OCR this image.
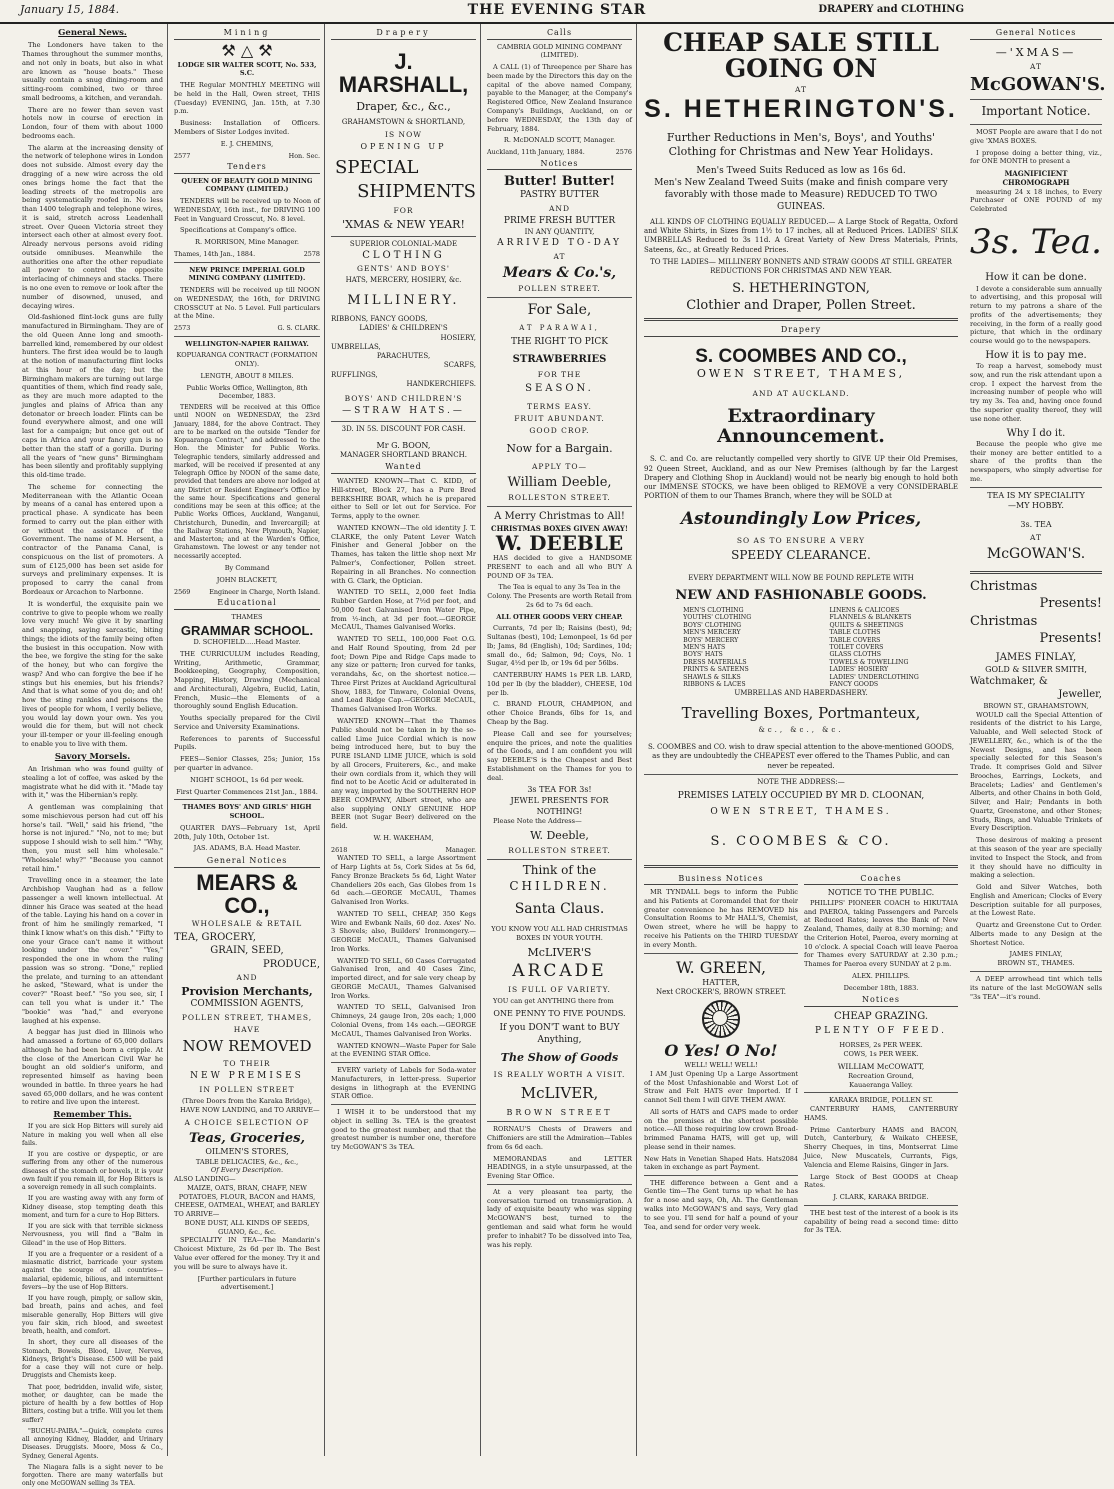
January 15, 1884.	THE EVENING STAR	DRAPERY and CLOTHING
General News.

The Londoners have taken to the Thames throughout the summer months, and not only in boats, but also in what are known as "house boats." These usually contain a snug dining-room and sitting-room combined, two or three small bedrooms, a kitchen, and verandah.

There are no fewer than seven vast hotels now in course of erection in London, four of them with about 1000 bedrooms each.

The alarm at the increasing density of the network of telephone wires in London does not subside. Almost every day the dragging of a new wire across the old ones brings home the fact that the leading streets of the metropolis are being systematically roofed in. No less than 1400 telegraph and telephone wires, it is said, stretch across Leadenhall street. Over Queen Victoria street they intersect each other at almost every foot. Already nervous persons avoid riding outside omnibuses. Meanwhile the authorities one after the other repudiate all power to control the opposite interlacing of chimneys and stacks. There is no one even to remove or look after the number of disowned, unused, and decaying wires.

Old-fashioned flint-lock guns are fully manufactured in Birmingham. They are of the old Queen Anne long and smooth-barrelled kind, remembered by our oldest hunters. The first idea would be to laugh at the notion of manufacturing flint locks at this hour of the day; but the Birmingham makers are turning out large quantities of them, which find ready sale, as they are much more adapted to the jungles and plains of Africa than any detonator or breech loader. Flints can be found everywhere almost, and one will last for a campaign; but once get out of caps in Africa and your fancy gun is no better than the staff of a gorilla. During all the years of "new guns" Birmingham has been silently and profitably supplying this old-time trade.

The scheme for connecting the Mediterranean with the Atlantic Ocean by means of a canal has entered upon a practical phase. A syndicate has been formed to carry out the plan either with or without the assistance of the Government. The name of M. Hersent, a contractor of the Panama Canal, is conspicuous on the list of promoters. A sum of £125,000 has been set aside for surveys and preliminary expenses. It is proposed to carry the canal from Bordeaux or Arcachon to Narbonne.

It is wonderful, the exquisite pain we contrive to give to people whom we really love very much! We give it by snarling and snapping, saying sarcastic, biting things; the idiots of the family being often the busiest in this occupation. Now with the bee, we forgive the sting for the sake of the honey, but who can forgive the wasp? And who can forgive the bee if he stings but his enemies, but his friends? And that is what some of you do; and oh! how the sting rankles and poisons the lives of people for whom, I verily believe, you would lay down your own. Yes you would die for them, but will not check your ill-temper or your ill-feeling enough to enable you to live with them.

Savory Morsels.

An Irishman who was found guilty of stealing a lot of coffee, was asked by the magistrate what he did with it. "Made tay with it," was the Hibernian's reply.

A gentleman was complaining that some mischievous person had cut off his horse's tail. "Well," said his friend, "the horse is not injured." "No, not to me; but suppose I should wish to sell him." "Why, then, you must sell him wholesale." "Wholesale! why?" "Because you cannot retail him."

Travelling once in a steamer, the late Archbishop Vaughan had as a fellow passenger a well known intellectual. At dinner his Grace was seated at the head of the table. Laying his hand on a cover in front of him he smilingly remarked, "I think I know what's on this dish." "Fifty to one your Grace can't name it without looking under the cover." "Yes," responded the one in whom the ruling passion was so strong. "Done," replied the prelate, and turning to an attendant he asked, "Steward, what is under the cover?" "Roast beef." "So you see, sir, I can tell you what is under it." The "bookie" was "had," and everyone laughed at his expense.

A beggar has just died in Illinois who had amassed a fortune of 65,000 dollars although he had been born a cripple. At the close of the American Civil War he bought an old soldier's uniform, and represented himself as having been wounded in battle. In three years he had saved 65,000 dollars, and he was content to retire and live upon the interest.

Remember This.

If you are sick Hop Bitters will surely aid Nature in making you well when all else fails.

If you are costive or dyspeptic, or are suffering from any other of the numerous diseases of the stomach or bowels, it is your own fault if you remain ill, for Hop Bitters is a sovereign remedy in all such complaints.

If you are wasting away with any form of Kidney disease, stop tempting death this moment, and turn for a cure to Hop Bitters.

If you are sick with that terrible sickness Nervousness, you will find a "Balm in Gilead" in the use of Hop Bitters.

If you are a frequenter or a resident of a miasmatic district, barricade your system against the scourge of all countries—malarial, epidemic, bilious, and intermittent fevers—by the use of Hop Bitters.

If you have rough, pimply, or sallow skin, bad breath, pains and aches, and feel miserable generally, Hop Bitters will give you fair skin, rich blood, and sweetest breath, health, and comfort.

In short, they cure all diseases of the Stomach, Bowels, Blood, Liver, Nerves, Kidneys, Bright's Disease. £500 will be paid for a case they will not cure or help. Druggists and Chemists keep.

That poor, bedridden, invalid wife, sister, mother, or daughter, can be made the picture of health by a few bottles of Hop Bitters, costing but a trifle. Will you let them suffer?

"BUCHU-PAIBA."—Quick, complete cures all annoying Kidney, Bladder, and Urinary Diseases. Druggists. Moore, Moss & Co., Sydney, General Agents.

The Niagara falls is a sight never to be forgotten. There are many waterfalls but only one McGOWAN selling 3s TEA.

Mining
⚒ △ ⚒

LODGE SIR WALTER SCOTT, No. 533, S.C.

THE Regular MONTHLY MEETING will be held in the Hall, Owen street, THIS (Tuesday) EVENING, Jan. 15th, at 7.30 p.m.

Business: Installation of Officers. Members of Sister Lodges invited.

E. J. CHEMINS,

2577	Hon. Sec.
Tenders

QUEEN OF BEAUTY GOLD MINING COMPANY (LIMITED.)

TENDERS will be received up to Noon of WEDNESDAY, 16th inst., for DRIVING 100 Feet in Vanguard Crosscut, No. 8 level.

Specifications at Company's office.

R. MORRISON, Mine Manager.

Thames, 14th Jan., 1884.	2578

NEW PRINCE IMPERIAL GOLD MINING COMPANY (LIMITED).

TENDERS will be received up till NOON on WEDNESDAY, the 16th, for DRIVING CROSSCUT at No. 5 Level. Full particulars at the Mine.

2573	G. S. CLARK.

WELLINGTON-NAPIER RAILWAY.

KOPUARANGA CONTRACT (FORMATION ONLY).

LENGTH, ABOUT 8 MILES.

Public Works Office, Wellington, 8th December, 1883.

TENDERS will be received at this Office until NOON on WEDNESDAY, the 23rd January, 1884, for the above Contract. They are to be marked on the outside "Tender for Kopuaranga Contract," and addressed to the Hon. the Minister for Public Works. Telegraphic tenders, similarly addressed and marked, will be received if presented at any Telegraph Office by NOON of the same date, provided that tenders are above nor lodged at any District or Resident Engineer's Office by the same hour. Specifications and general conditions may be seen at this office; at the Public Works Offices, Auckland, Wanganui, Christchurch, Dunedin, and Invercargill; at the Railway Stations, New Plymouth, Napier, and Masterton; and at the Warden's Office, Grahamstown. The lowest or any tender not necessarily accepted.

By Command

JOHN BLACKETT,

2569	Engineer in Charge, North Island.
Educational

THAMES

GRAMMAR SCHOOL.

D. SCHOFIELD.....Head Master.

THE CURRICULUM includes Reading, Writing, Arithmetic, Grammar, Bookkeeping, Geography, Composition, Mapping, History, Drawing (Mechanical and Architectural), Algebra, Euclid, Latin, French, Music—the Elements of a thoroughly sound English Education.

Youths specially prepared for the Civil Service and University Examinations.

References to parents of Successful Pupils.

FEES—Senior Classes, 25s; Junior, 15s per quarter in advance.

NIGHT SCHOOL, 1s 6d per week.

First Quarter Commences 21st Jan., 1884.

THAMES BOYS' AND GIRLS' HIGH SCHOOL.

QUARTER DAYS—February 1st, April 20th, July 10th, October 1st.

JAS. ADAMS, B.A. Head Master.

General Notices
MEARS & CO.,
WHOLESALE & RETAIL
TEA, GROCERY,
GRAIN, SEED,
PRODUCE,
AND
Provision Merchants,
COMMISSION AGENTS,
POLLEN STREET, THAMES,
HAVE
NOW REMOVED
TO THEIR
NEW PREMISES
IN POLLEN STREET
(Three Doors from the Karaka Bridge),

HAVE NOW LANDING, and TO ARRIVE—

A CHOICE SELECTION OF
Teas, Groceries,
OILMEN'S STORES,
TABLE DELICACIES, &c., &c.,
Of Every Description.
ALSO LANDING—
MAIZE, OATS, BRAN, CHAFF, NEW POTATOES, FLOUR, BACON and HAMS, CHEESE, OATMEAL, WHEAT, and BARLEY
TO ARRIVE—
BONE DUST, ALL KINDS OF SEEDS, GUANO, &c., &c.

SPECIALITY IN TEA—The Mandarin's Choicest Mixture, 2s 6d per lb. The Best Value ever offered for the money. Try it and you will be sure to always have it.

[Further particulars in future advertisement.]
Drapery
J. MARSHALL,
Draper, &c., &c.,
GRAHAMSTOWN & SHORTLAND,
IS NOW
OPENING UP
SPECIAL
SHIPMENTS
FOR
'XMAS & NEW YEAR!
SUPERIOR COLONIAL-MADE
CLOTHING
GENTS' AND BOYS'
HATS, MERCERY, HOSIERY, &c.
MILLINERY.
RIBBONS, FANCY GOODS,
LADIES' & CHILDREN'S
HOSIERY,
UMBRELLAS,
PARACHUTES,
SCARFS,
RUFFLINGS,
HANDKERCHIEFS.
BOYS' AND CHILDREN'S
—STRAW HATS.—
3D. IN 5S. DISCOUNT FOR CASH.
Mr G. BOON,
MANAGER SHORTLAND BRANCH.
Wanted

WANTED KNOWN—That C. KIDD, of Hill-street, Block 27, has a Pure Bred BERKSHIRE BOAR, which he is prepared either to Sell or let out for Service. For Terms, apply to the owner.

WANTED KNOWN—The old identity J. T. CLARKE, the only Patent Lever Watch Finisher and General Jobber on the Thames, has taken the little shop next Mr Palmer's, Confectioner, Pollen street. Repairing in all Branches. No connection with G. Clark, the Optician.

WANTED TO SELL, 2,000 feet India Rubber Garden Hose, at 7½d per foot, and 50,000 feet Galvanised Iron Water Pipe, from ½-inch, at 3d per foot.—GEORGE McCAUL, Thames Galvanised Works.

WANTED TO SELL, 100,000 Feet O.G. and Half Round Spouting, from 2d per foot; Down Pipe and Ridge Caps made to any size or pattern; Iron curved for tanks, verandahs, &c, on the shortest notice.—Three First Prizes at Auckland Agricultural Show, 1883, for Tinware, Colonial Ovens, and Lead Ridge Cap.—GEORGE McCAUL, Thames Galvanised Iron Works.

WANTED KNOWN—That the Thames Public should not be taken in by the so-called Lime Juice Cordial which is now being introduced here, but to buy the PURE ISLAND LIME JUICE, which is sold by all Grocers, Fruiterers, &c., and make their own cordials from it, which they will find not to be Acetic Acid or adulterated in any way, imported by the SOUTHERN HOP BEER COMPANY, Albert street, who are also supplying ONLY GENUINE HOP BEER (not Sugar Beer) delivered on the field.

W. H. WAKEHAM,

2618	Manager.

WANTED TO SELL, a large Assortment of Harp Lights at 5s, Cork Sides at 5s 6d, Fancy Bronze Brackets 5s 6d, Light Water Chandeliers 20s each, Gas Globes from 1s 6d each.—GEORGE McCAUL, Thames Galvanised Iron Works.

WANTED TO SELL, CHEAP, 350 Kegs Wire and Ewbank Nails, 60 doz. Axes' No. 3 Shovels; also, Builders' Ironmongery.—GEORGE McCAUL, Thames Galvanised Iron Works.

WANTED TO SELL, 60 Cases Corrugated Galvanised Iron, and 40 Cases Zinc, imported direct, and for sale very cheap by GEORGE McCAUL, Thames Galvanised Iron Works.

WANTED TO SELL, Galvanised Iron Chimneys, 24 gauge Iron, 20s each; 1,000 Colonial Ovens, from 14s each.—GEORGE McCAUL, Thames Galvanised Iron Works.

WANTED KNOWN—Waste Paper for Sale at the EVENING STAR Office.

EVERY variety of Labels for Soda-water Manufacturers, in letter-press. Superior designs in lithograph at the EVENING STAR Office.

I WISH it to be understood that my object in selling 3s. TEA is the greatest good to the greatest number, and that the greatest number is number one, therefore try McGOWAN'S 3s TEA.

Calls

CAMBRIA GOLD MINING COMPANY (LIMITED).

A CALL (1) of Threepence per Share has been made by the Directors this day on the capital of the above named Company, payable to the Manager, at the Company's Registered Office, New Zealand Insurance Company's Buildings, Auckland, on or before WEDNESDAY, the 13th day of February, 1884.

R. McDONALD SCOTT, Manager.

Auckland, 11th January, 1884.	2576
Notices
Butter! Butter!
PASTRY BUTTER
AND
PRIME FRESH BUTTER
IN ANY QUANTITY,
ARRIVED TO-DAY
AT
Mears & Co.'s,
POLLEN STREET.
For Sale,
AT PARAWAI,
THE RIGHT TO PICK
STRAWBERRIES
FOR THE
SEASON.
TERMS EASY.
FRUIT ABUNDANT.
GOOD CROP.
Now for a Bargain.
APPLY TO—
William Deeble,
ROLLESTON STREET.
A Merry Christmas to All!
CHRISTMAS BOXES GIVEN AWAY!
W. DEEBLE

HAS decided to give a HANDSOME PRESENT to each and all who BUY A POUND OF 3s TEA.

The Tea is equal to any 3s Tea in the Colony. The Presents are worth Retail from 2s 6d to 7s 6d each.

ALL OTHER GOODS VERY CHEAP.

Currants, 7d per lb; Raisins (best), 9d; Sultanas (best), 10d; Lemonpeel, 1s 6d per lb; Jams, 8d (English), 10d; Sardines, 10d; small do., 6d; Salmon, 9d; Coys, No. 1 Sugar, 4½d per lb, or 19s 6d per 56lbs.

CANTERBURY HAMS 1s PER LB. LARD, 10d per lb (by the bladder), CHEESE, 10d per lb.

C. BRAND FLOUR, CHAMPION, and other Choice Brands, 6lbs for 1s, and Cheap by the Bag.

Please Call and see for yourselves; enquire the prices, and note the qualities of the Goods, and I am confident you will say DEEBLE'S is the Cheapest and Best Establishment on the Thames for you to deal.

3s TEA FOR 3s!
JEWEL PRESENTS FOR NOTHING!

Please Note the Address—

W. Deeble,
ROLLESTON STREET.
Think of the
CHILDREN.
Santa Claus.

YOU KNOW YOU ALL HAD CHRISTMAS BOXES IN YOUR YOUTH.

McLIVER'S
ARCADE
IS FULL OF VARIETY.

YOU can get ANYTHING there from

ONE PENNY TO FIVE POUNDS.
If you DON'T want to BUY Anything,
The Show of Goods
IS REALLY WORTH A VISIT.
McLIVER,
BROWN STREET

RORNAU'S Chests of Drawers and Chiffoniers are still the Admiration—Tables from 6s 6d each.

MEMORANDAS and LETTER HEADINGS, in a style unsurpassed, at the Evening Star Office.

At a very pleasant tea party, the conversation turned on transmigration. A lady of exquisite beauty who was sipping McGOWAN'S best, turned to the gentleman and said what form he would prefer to inhabit? To be dissolved into Tea, was his reply.

CHEAP SALE STILL GOING ON
AT
S. HETHERINGTON'S.
Further Reductions in Men's, Boys', and Youths' Clothing for Christmas and New Year Holidays.
Men's Tweed Suits Reduced as low as 16s 6d.
Men's New Zealand Tweed Suits (make and finish compare very favorably with those made to Measure) REDUCED TO TWO GUINEAS.

ALL KINDS OF CLOTHING EQUALLY REDUCED.— A Large Stock of Regatta, Oxford and White Shirts, in Sizes from 1½ to 17 inches, all at Reduced Prices. LADIES' SILK UMBRELLAS Reduced to 3s 11d. A Great Variety of New Dress Materials, Prints, Sateens, &c., at Greatly Reduced Prices.

TO THE LADIES— MILLINERY BONNETS AND STRAW GOODS AT STILL GREATER REDUCTIONS FOR CHRISTMAS AND NEW YEAR.

S. HETHERINGTON,
Clothier and Draper, Pollen Street.
Drapery
S. COOMBES AND CO.,
OWEN STREET, THAMES,
AND AT AUCKLAND.
Extraordinary Announcement.

S. C. and Co. are reluctantly compelled very shortly to GIVE UP their Old Premises, 92 Queen Street, Auckland, and as our New Premises (although by far the Largest Drapery and Clothing Shop in Auckland) would not be nearly big enough to hold both our IMMENSE STOCKS, we have been obliged to REMOVE a very CONSIDERABLE PORTION of them to our Thames Branch, where they will be SOLD at

Astoundingly Low Prices,
SO AS TO ENSURE A VERY
SPEEDY CLEARANCE.
EVERY DEPARTMENT WILL NOW BE FOUND REPLETE WITH
NEW AND FASHIONABLE GOODS.
MEN'S CLOTHING
YOUTHS' CLOTHING
BOYS' CLOTHING
MEN'S MERCERY
BOYS' MERCERY
MEN'S HATS
BOYS' HATS
DRESS MATERIALS
PRINTS & SATEENS
SHAWLS & SILKS
RIBBONS & LACES
LINENS & CALICOES
FLANNELS & BLANKETS
QUILTS & SHEETINGS
TABLE CLOTHS
TABLE COVERS
TOILET COVERS
GLASS CLOTHS
TOWELS & TOWELLING
LADIES' HOSIERY
LADIES' UNDERCLOTHING
FANCY GOODS
UMBRELLAS AND HABERDASHERY.
Travelling Boxes, Portmanteux,
&c., &c., &c.

S. COOMBES and CO. wish to draw special attention to the above-mentioned GOODS, as they are undoubtedly the CHEAPEST ever offered to the Thames Public, and can never be repeated.

NOTE THE ADDRESS:—
PREMISES LATELY OCCUPIED BY MR D. CLOONAN,
OWEN STREET, THAMES.
S. COOMBES & CO.
Business Notices

MR TYNDALL begs to inform the Public and his Patients at Coromandel that for their greater convenience he has REMOVED his Consultation Rooms to Mr HALL'S, Chemist, Owen street, where he will be happy to receive his Patients on the THIRD TUESDAY in every Month.

W. GREEN,
HATTER,
Next CROCKER'S, BROWN STREET.
O Yes! O No!
WELL! WELL! WELL!

I AM Just Opening Up a Large Assortment of the Most Unfashionable and Worst Lot of Straw and Felt HATS ever Imported. If I cannot Sell them I will GIVE THEM AWAY.

All sorts of HATS and CAPS made to order on the premises at the shortest possible notice.—All those requiring low crown Broad-brimmed Panama HATS, will get up, will please send in their names.

New Hats in Venetian Shaped Hats. Hats taken in exchange as part Payment.
2084

THE difference between a Gent and a Gentle tim—The Gent turns up what he has for a nose and says, Oh, Ah. The Gentleman walks into McGOWAN'S and says, Very glad to see you. I'll send for half a pound of your Tea, and send for order very week.

Coaches
NOTICE TO THE PUBLIC.

PHILLIPS' PIONEER COACH to HIKUTAIA and PAEROA, taking Passengers and Parcels at Reduced Rates; leaves the Bank of New Zealand, Thames, daily at 8.30 morning; and the Criterion Hotel, Paeroa, every morning at 10 o'clock. A special Coach will leave Paeroa for Thames every SATURDAY at 2.30 p.m.; Thames for Paeroa every SUNDAY at 2 p.m.

ALEX. PHILLIPS.

December 18th, 1883.

Notices
CHEAP GRAZING.
PLENTY OF FEED.
HORSES, 2s PER WEEK.
COWS, 1s PER WEEK.
WILLIAM McCOWATT,
Recreation Ground,
Kauaeranga Valley.
KARAKA BRIDGE, POLLEN ST.

CANTERBURY HAMS, CANTERBURY HAMS.

Prime Canterbury HAMS and BACON, Dutch, Canterbury, & Waikato CHEESE, Sherry Cheques, in tins, Montserrat Lime Juice, New Muscatels, Currants, Figs, Valencia and Eleme Raisins, Ginger in Jars.

Large Stock of Best GOODS at Cheap Rates.

J. CLARK, KARAKA BRIDGE.

THE best test of the interest of a book is its capability of being read a second time: ditto for 3s TEA.

General Notices
—'XMAS—
AT
McGOWAN'S.
Important Notice.

MOST People are aware that I do not give 'XMAS BOXES.

I propose doing a better thing, viz., for ONE MONTH to present a

MAGNIFICIENT CHROMOGRAPH

measuring 24 x 18 inches, to Every Purchaser of ONE POUND of my Celebrated

3s. Tea.
How it can be done.

I devote a considerable sum annually to advertising, and this proposal will return to my patrons a share of the profits of the advertisements; they receiving, in the form of a really good picture, that which in the ordinary course would go to the newspapers.

How it is to pay me.

To reap a harvest, somebody must sow, and run the risk attendant upon a crop. I expect the harvest from the increasing number of people who will try my 3s. Tea and, having once found the superior quality thereof, they will use none other.

Why I do it.

Because the people who give me their money are better entitled to a share of the profits than the newspapers, who simply advertise for me.

TEA IS MY SPECIALITY
—MY HOBBY.
3s. TEA
AT
McGOWAN'S.
Christmas
Presents!
Christmas
Presents!
JAMES FINLAY,
GOLD & SILVER SMITH,
Watchmaker, &
Jeweller,
BROWN ST., GRAHAMSTOWN,

WOULD call the Special Attention of residents of the district to his Large, Valuable, and Well selected Stock of JEWELLERY, &c., which is of the the Newest Designs, and has been specially selected for this Season's Trade. It comprises Gold and Silver Brooches, Earrings, Lockets, and Bracelets; Ladies' and Gentlemen's Alberts, and other Chains in both Gold, Silver, and Hair; Pendants in both Quartz, Greenstone, and other Stones; Studs, Rings, and Valuable Trinkets of Every Description.

Those desirous of making a present at this season of the year are specially invited to Inspect the Stock, and from it they should have no difficulty in making a selection.

Gold and Silver Watches, both English and American; Clocks of Every Description suitable for all purposes, at the Lowest Rate.

Quartz and Greenstone Cut to Order. Alberts made to any Design at the Shortest Notice.

JAMES FINLAY,
BROWN ST., THAMES.

A DEEP arrowhead tint which tells its nature of the last McGOWAN sells "3s TEA"—it's round.
